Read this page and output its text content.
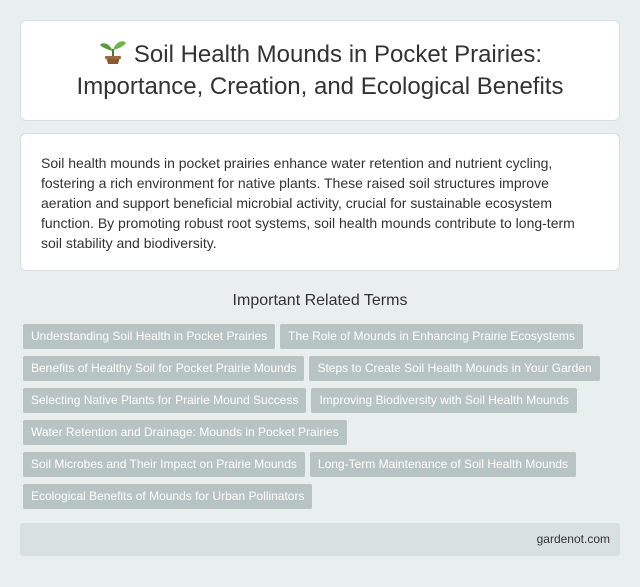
Soil Health Mounds in Pocket Prairies: Importance, Creation, and Ecological Benefits

Soil health mounds in pocket prairies enhance water retention and nutrient cycling, fostering a rich environment for native plants. These raised soil structures improve aeration and support beneficial microbial activity, crucial for sustainable ecosystem function. By promoting robust root systems, soil health mounds contribute to long-term soil stability and biodiversity.

Important Related Terms
Understanding Soil Health in Pocket Prairies The Role of Mounds in Enhancing Prairie Ecosystems
Benefits of Healthy Soil for Pocket Prairie Mounds Steps to Create Soil Health Mounds in Your Garden
Selecting Native Plants for Prairie Mound Success Improving Biodiversity with Soil Health Mounds
Water Retention and Drainage: Mounds in Pocket Prairies
Soil Microbes and Their Impact on Prairie Mounds Long-Term Maintenance of Soil Health Mounds
Ecological Benefits of Mounds for Urban Pollinators
gardenot.com
